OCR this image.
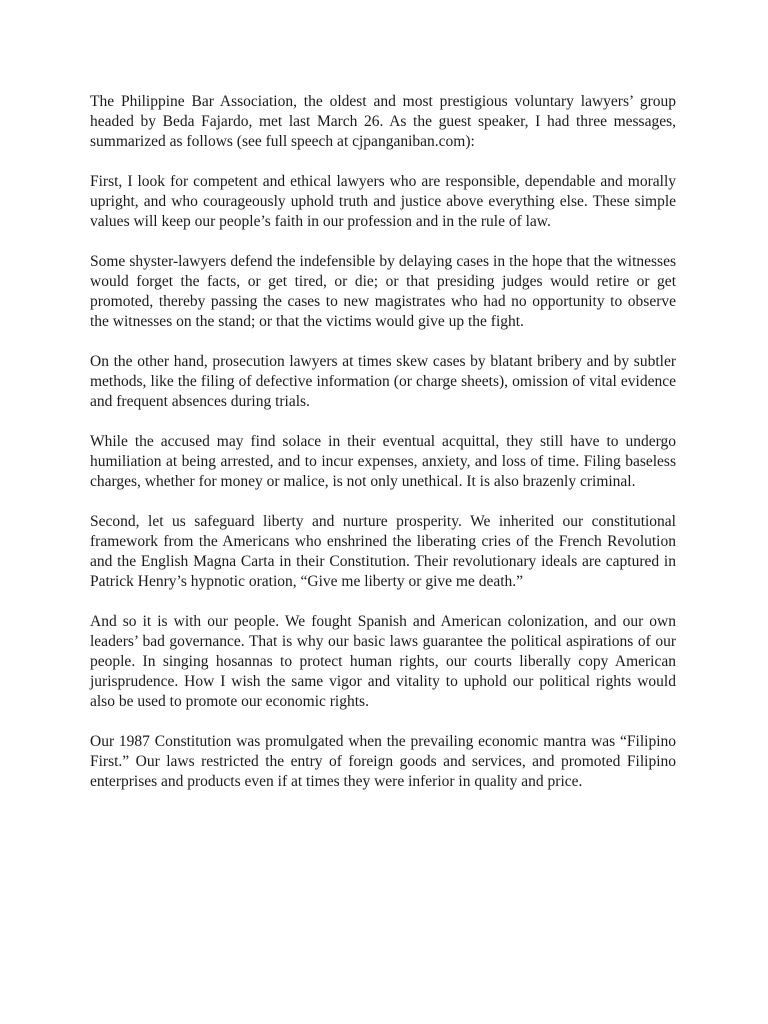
The Philippine Bar Association, the oldest and most prestigious voluntary lawyers’ group headed by Beda Fajardo, met last March 26. As the guest speaker, I had three messages, summarized as follows (see full speech at cjpanganiban.com):

First, I look for competent and ethical lawyers who are responsible, dependable and morally upright, and who courageously uphold truth and justice above everything else. These simple values will keep our people’s faith in our profession and in the rule of law.

Some shyster-lawyers defend the indefensible by delaying cases in the hope that the witnesses would forget the facts, or get tired, or die; or that presiding judges would retire or get promoted, thereby passing the cases to new magistrates who had no opportunity to observe the witnesses on the stand; or that the victims would give up the fight.

On the other hand, prosecution lawyers at times skew cases by blatant bribery and by subtler methods, like the filing of defective information (or charge sheets), omission of vital evidence and frequent absences during trials.

While the accused may find solace in their eventual acquittal, they still have to undergo humiliation at being arrested, and to incur expenses, anxiety, and loss of time. Filing baseless charges, whether for money or malice, is not only unethical. It is also brazenly criminal.

Second, let us safeguard liberty and nurture prosperity. We inherited our constitutional framework from the Americans who enshrined the liberating cries of the French Revolution and the English Magna Carta in their Constitution. Their revolutionary ideals are captured in Patrick Henry’s hypnotic oration, “Give me liberty or give me death.”

And so it is with our people. We fought Spanish and American colonization, and our own leaders’ bad governance. That is why our basic laws guarantee the political aspirations of our people. In singing hosannas to protect human rights, our courts liberally copy American jurisprudence. How I wish the same vigor and vitality to uphold our political rights would also be used to promote our economic rights.

Our 1987 Constitution was promulgated when the prevailing economic mantra was “Filipino First.” Our laws restricted the entry of foreign goods and services, and promoted Filipino enterprises and products even if at times they were inferior in quality and price.
